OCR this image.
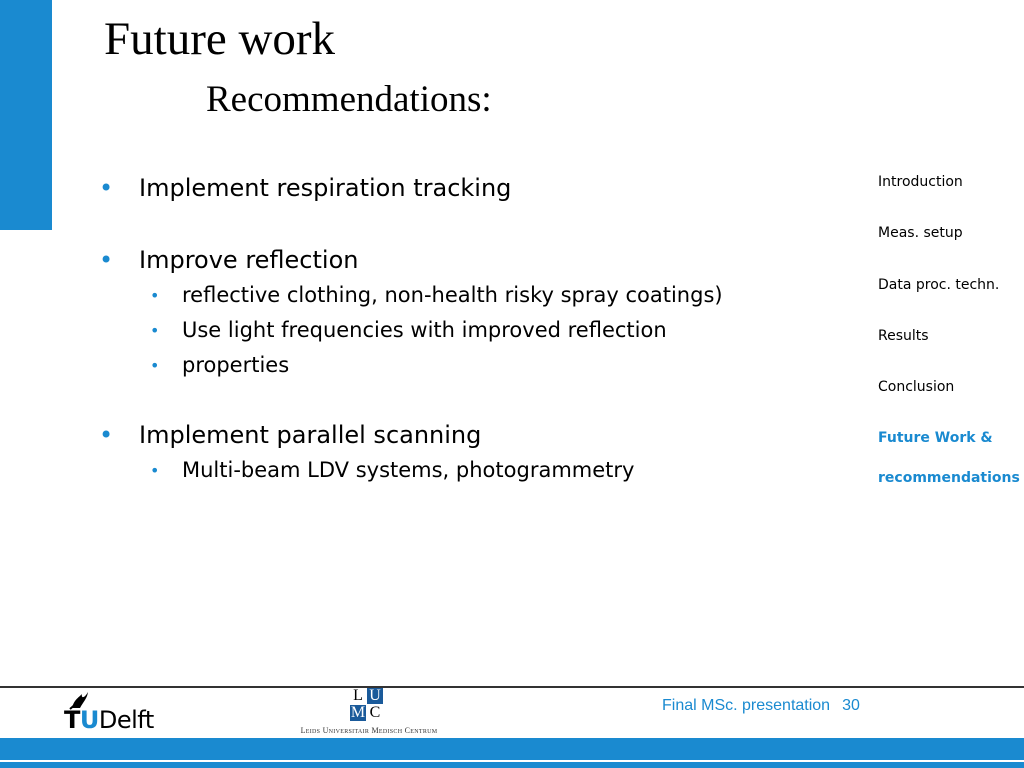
Future work
Recommendations:

• Implement respiration tracking

• Improve reflection

• reflective clothing, non-health risky spray coatings)

• Use light frequencies with improved reflection

• properties

• Implement parallel scanning

• Multi-beam LDV systems, photogrammetry

Introduction
Meas. setup
Data proc. techn.
Results
Conclusion
Future Work &
recommendations
TUDelft
L U
M C
Leids Universitair Medisch Centrum
Final MSc. presentation 30
